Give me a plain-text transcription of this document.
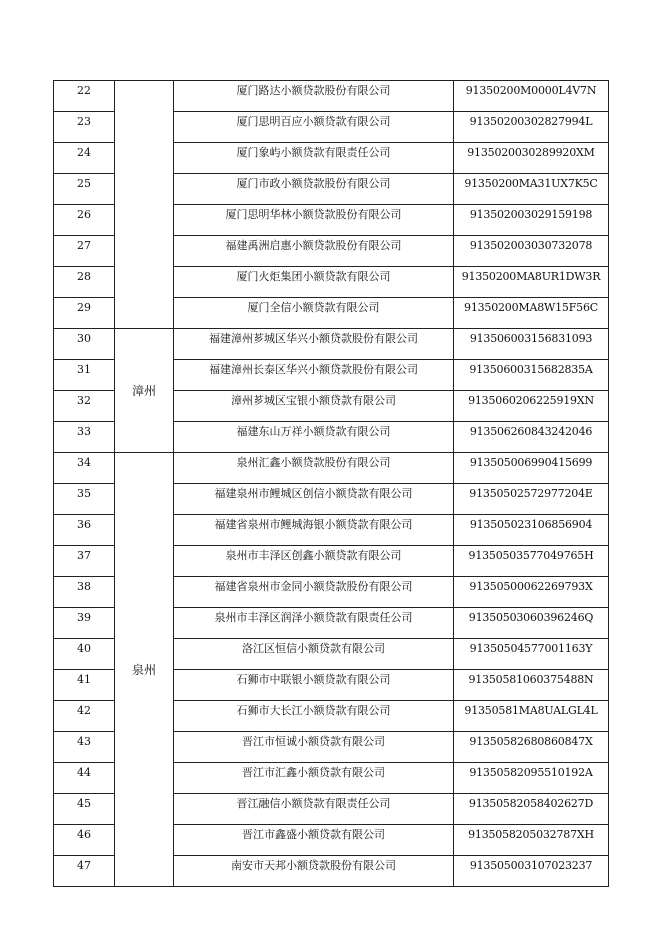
22		厦门路达小额贷款股份有限公司	91350200M0000L4V7N
23		厦门思明百应小额贷款有限公司	91350200302827994L
24		厦门象屿小额贷款有限责任公司	9135020030289920XM
25		厦门市政小额贷款股份有限公司	91350200MA31UX7K5C
26		厦门思明华林小额贷款股份有限公司	913502003029159198
27		福建禹洲启惠小额贷款股份有限公司	913502003030732078
28		厦门火炬集团小额贷款有限公司	91350200MA8UR1DW3R
29		厦门全信小额贷款有限公司	91350200MA8W15F56C
30	漳州	福建漳州芗城区华兴小额贷款股份有限公司	913506003156831093
31		福建漳州长泰区华兴小额贷款股份有限公司	91350600315682835A
32		漳州芗城区宝银小额贷款有限公司	9135060206225919XN
33		福建东山万祥小额贷款有限公司	913506260843242046
34	泉州	泉州汇鑫小额贷款股份有限公司	913505006990415699
35		福建泉州市鲤城区创信小额贷款有限公司	91350502572977204E
36		福建省泉州市鲤城海银小额贷款有限公司	913505023106856904
37		泉州市丰泽区创鑫小额贷款有限公司	91350503577049765H
38		福建省泉州市金同小额贷款股份有限公司	91350500062269793X
39		泉州市丰泽区润泽小额贷款有限责任公司	91350503060396246Q
40		洛江区恒信小额贷款有限公司	91350504577001163Y
41		石狮市中联银小额贷款有限公司	91350581060375488N
42		石狮市大长江小额贷款有限公司	91350581MA8UALGL4L
43		晋江市恒诚小额贷款有限公司	91350582680860847X
44		晋江市汇鑫小额贷款有限公司	91350582095510192A
45		晋江融信小额贷款有限责任公司	91350582058402627D
46		晋江市鑫盛小额贷款有限公司	9135058205032787XH
47		南安市天邦小额贷款股份有限公司	913505003107023237
